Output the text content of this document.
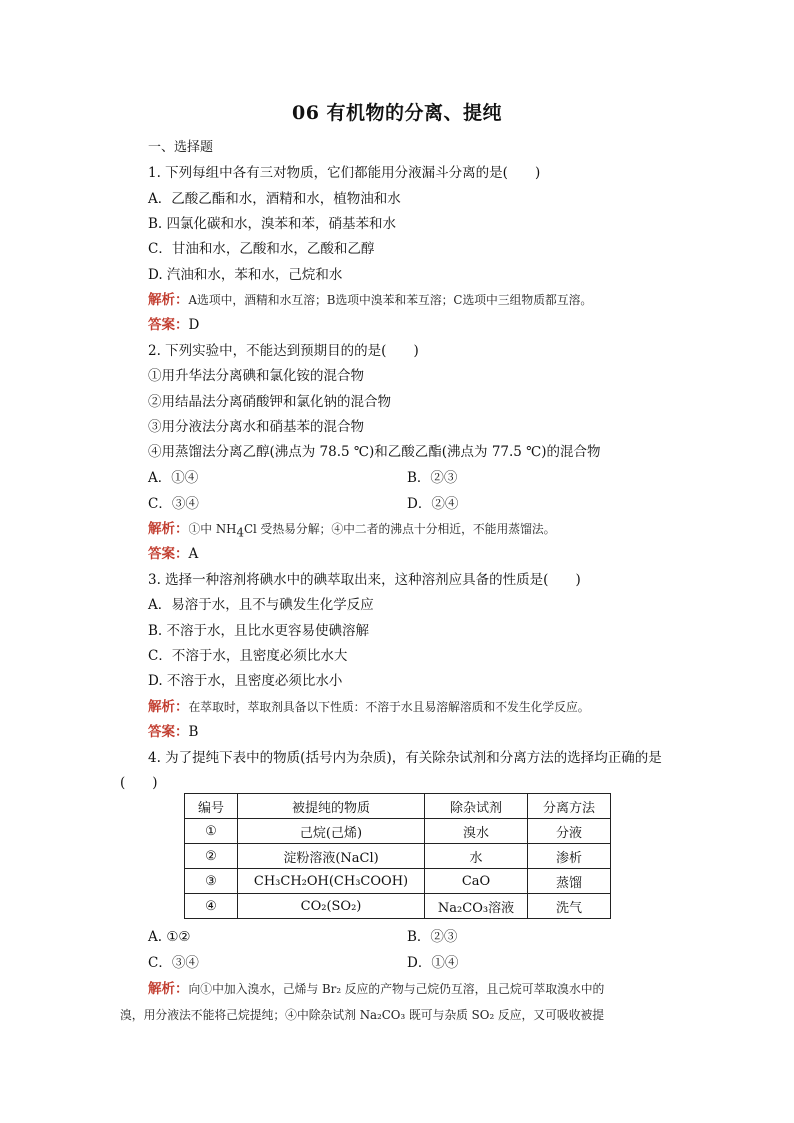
06 有机物的分离、提纯
一、选择题
1. 下列每组中各有三对物质，它们都能用分液漏斗分离的是(　　)
A．乙酸乙酯和水，酒精和水，植物油和水
B. 四氯化碳和水，溴苯和苯，硝基苯和水
C．甘油和水，乙酸和水，乙酸和乙醇
D. 汽油和水，苯和水，己烷和水
解析：A选项中，酒精和水互溶；B选项中溴苯和苯互溶；C选项中三组物质都互溶。
答案：D
2. 下列实验中，不能达到预期目的的是(　　)
①用升华法分离碘和氯化铵的混合物
②用结晶法分离硝酸钾和氯化钠的混合物
③用分液法分离水和硝基苯的混合物
④用蒸馏法分离乙醇(沸点为 78.5 ℃)和乙酸乙酯(沸点为 77.5 ℃)的混合物
A．①④	B．②③
C．③④	D．②④
解析：①中 $NH_4Cl$ 受热易分解；④中二者的沸点十分相近，不能用蒸馏法。
答案：A
3. 选择一种溶剂将碘水中的碘萃取出来，这种溶剂应具备的性质是(　　)
A．易溶于水，且不与碘发生化学反应
B. 不溶于水，且比水更容易使碘溶解
C．不溶于水，且密度必须比水大
D. 不溶于水，且密度必须比水小
解析：在萃取时，萃取剂具备以下性质：不溶于水且易溶解溶质和不发生化学反应。
答案：B
4. 为了提纯下表中的物质(括号内为杂质)，有关除杂试剂和分离方法的选择均正确的是
(　　)
编号	被提纯的物质	除杂试剂	分离方法
①	己烷(己烯)	溴水	分液
②	淀粉溶液(NaCl)	水	渗析
③	CH₃CH₂OH(CH₃COOH)	CaO	蒸馏
④	CO₂(SO₂)	Na₂CO₃溶液	洗气
A. ①②	B．②③
C．③④	D．①④
解析：向①中加入溴水，己烯与 Br₂ 反应的产物与己烷仍互溶，且己烷可萃取溴水中的
溴，用分液法不能将己烷提纯；④中除杂试剂 Na₂CO₃ 既可与杂质 SO₂ 反应，又可吸收被提
